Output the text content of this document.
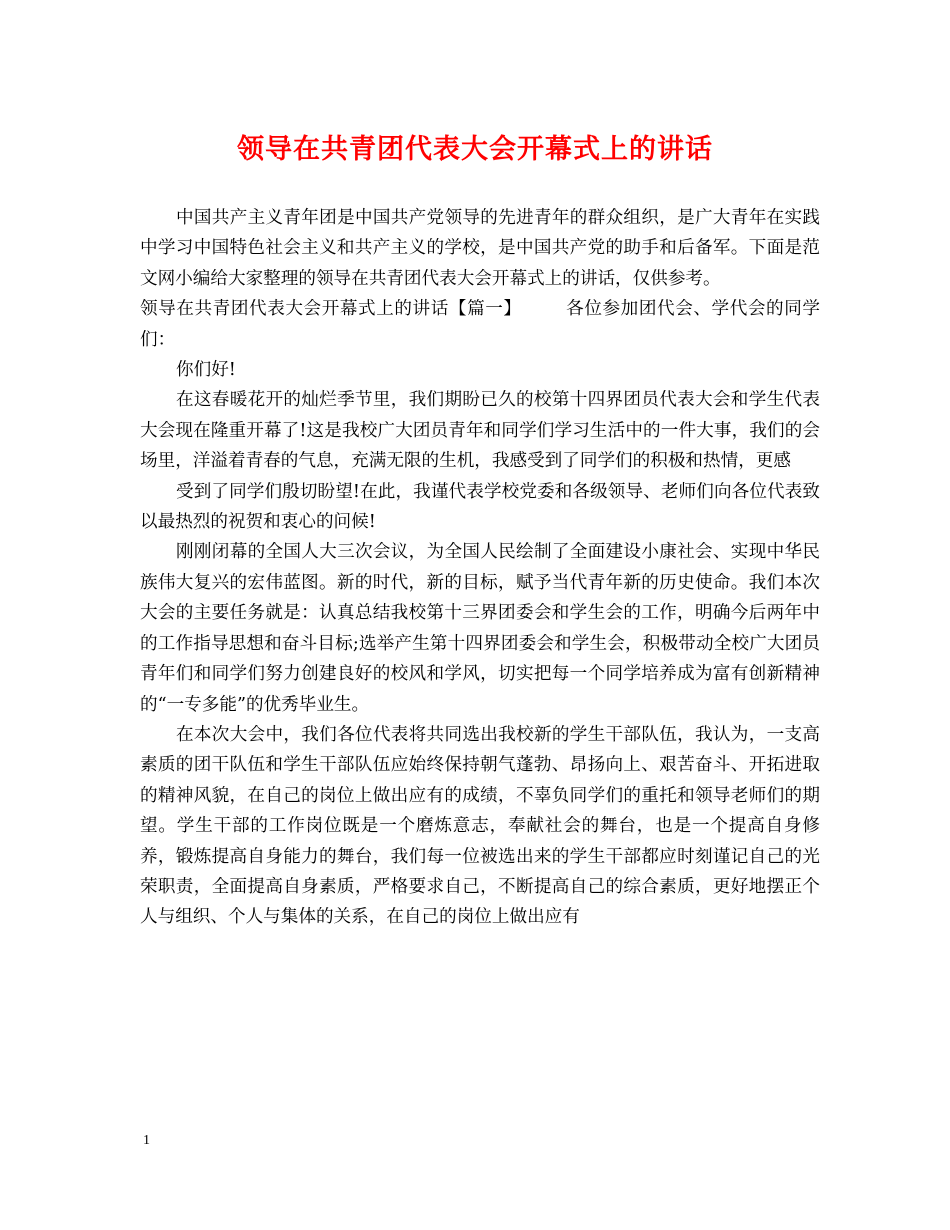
领导在共青团代表大会开幕式上的讲话

中国共产主义青年团是中国共产党领导的先进青年的群众组织，是广大青年在实践中学习中国特色社会主义和共产主义的学校，是中国共产党的助手和后备军。下面是范文网小编给大家整理的领导在共青团代表大会开幕式上的讲话，仅供参考。

领导在共青团代表大会开幕式上的讲话【篇一】	各位参加团代会、学代会的同学们：

你们好!

在这春暖花开的灿烂季节里，我们期盼已久的校第十四界团员代表大会和学生代表大会现在隆重开幕了!这是我校广大团员青年和同学们学习生活中的一件大事，我们的会场里，洋溢着青春的气息，充满无限的生机，我感受到了同学们的积极和热情，更感

受到了同学们殷切盼望!在此，我谨代表学校党委和各级领导、老师们向各位代表致以最热烈的祝贺和衷心的问候!

刚刚闭幕的全国人大三次会议，为全国人民绘制了全面建设小康社会、实现中华民族伟大复兴的宏伟蓝图。新的时代，新的目标，赋予当代青年新的历史使命。我们本次大会的主要任务就是：认真总结我校第十三界团委会和学生会的工作，明确今后两年中的工作指导思想和奋斗目标;选举产生第十四界团委会和学生会，积极带动全校广大团员青年们和同学们努力创建良好的校风和学风，切实把每一个同学培养成为富有创新精神的“一专多能”的优秀毕业生。

在本次大会中，我们各位代表将共同选出我校新的学生干部队伍，我认为，一支高素质的团干队伍和学生干部队伍应始终保持朝气蓬勃、昂扬向上、艰苦奋斗、开拓进取的精神风貌，在自己的岗位上做出应有的成绩，不辜负同学们的重托和领导老师们的期望。学生干部的工作岗位既是一个磨炼意志，奉献社会的舞台，也是一个提高自身修养，锻炼提高自身能力的舞台，我们每一位被选出来的学生干部都应时刻谨记自己的光荣职责，全面提高自身素质，严格要求自己，不断提高自己的综合素质，更好地摆正个人与组织、个人与集体的关系，在自己的岗位上做出应有

1
